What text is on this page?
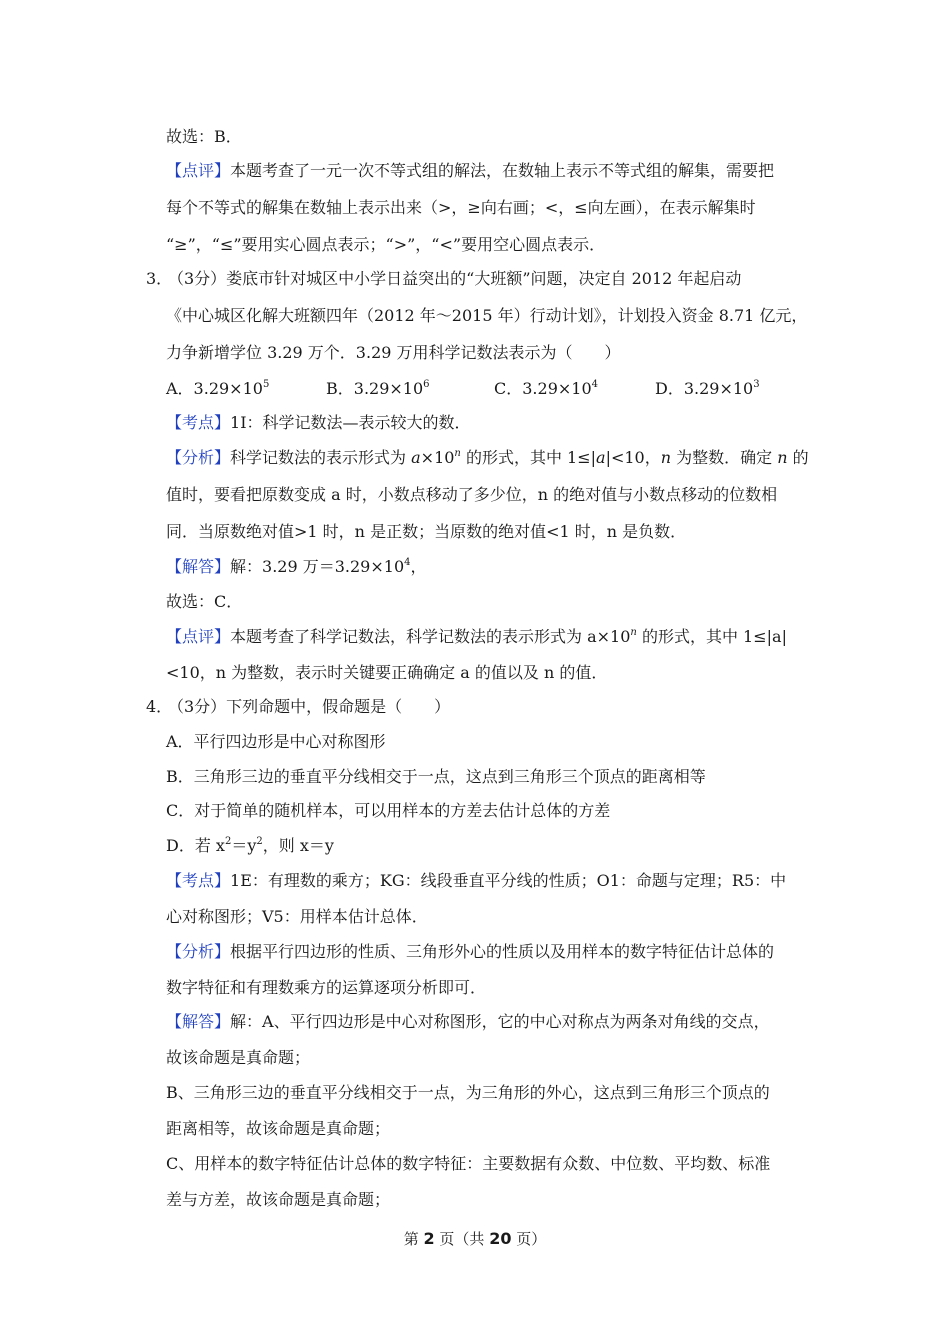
故选：B．
【点评】本题考查了一元一次不等式组的解法，在数轴上表示不等式组的解集，需要把
每个不等式的解集在数轴上表示出来（>，≥向右画；<，≤向左画），在表示解集时
“≥”，“≤”要用实心圆点表示；“>”，“<”要用空心圆点表示．
3．
（3分）娄底市针对城区中小学日益突出的“大班额”问题，决定自 2012 年起启动
《中心城区化解大班额四年（2012 年～2015 年）行动计划》，计划投入资金 8.71 亿元，
力争新增学位 3.29 万个．3.29 万用科学记数法表示为（　　）
A．$3.29\times 10^5$	B．$3.29\times 10^6$	C．$3.29\times 10^4$	D．$3.29\times 10^3$
【考点】1I：科学记数法—表示较大的数．
【分析】科学记数法的表示形式为 $a\times 10^n$ 的形式，其中 1≤|a|<10，n 为整数．确定 n 的
值时，要看把原数变成 a 时，小数点移动了多少位，n 的绝对值与小数点移动的位数相
同．当原数绝对值>1 时，n 是正数；当原数的绝对值<1 时，n 是负数．
【解答】解：3.29 万$=3.29\times 10^4$，
故选：C．
【点评】本题考查了科学记数法，科学记数法的表示形式为 $a\times 10^n$ 的形式，其中 1≤|a|
<10，n 为整数，表示时关键要正确确定 a 的值以及 n 的值．
4．
（3分）下列命题中，假命题是（　　）
A．平行四边形是中心对称图形
B．三角形三边的垂直平分线相交于一点，这点到三角形三个顶点的距离相等
C．对于简单的随机样本，可以用样本的方差去估计总体的方差
D．若 $x^2=y^2$，则 x＝y
【考点】1E：有理数的乘方；KG：线段垂直平分线的性质；O1：命题与定理；R5：中
心对称图形；V5：用样本估计总体．
【分析】根据平行四边形的性质、三角形外心的性质以及用样本的数字特征估计总体的
数字特征和有理数乘方的运算逐项分析即可．
【解答】解：A、平行四边形是中心对称图形，它的中心对称点为两条对角线的交点，
故该命题是真命题；
B、三角形三边的垂直平分线相交于一点，为三角形的外心，这点到三角形三个顶点的
距离相等，故该命题是真命题；
C、用样本的数字特征估计总体的数字特征：主要数据有众数、中位数、平均数、标准
差与方差，故该命题是真命题；
第 2 页（共 20 页）
